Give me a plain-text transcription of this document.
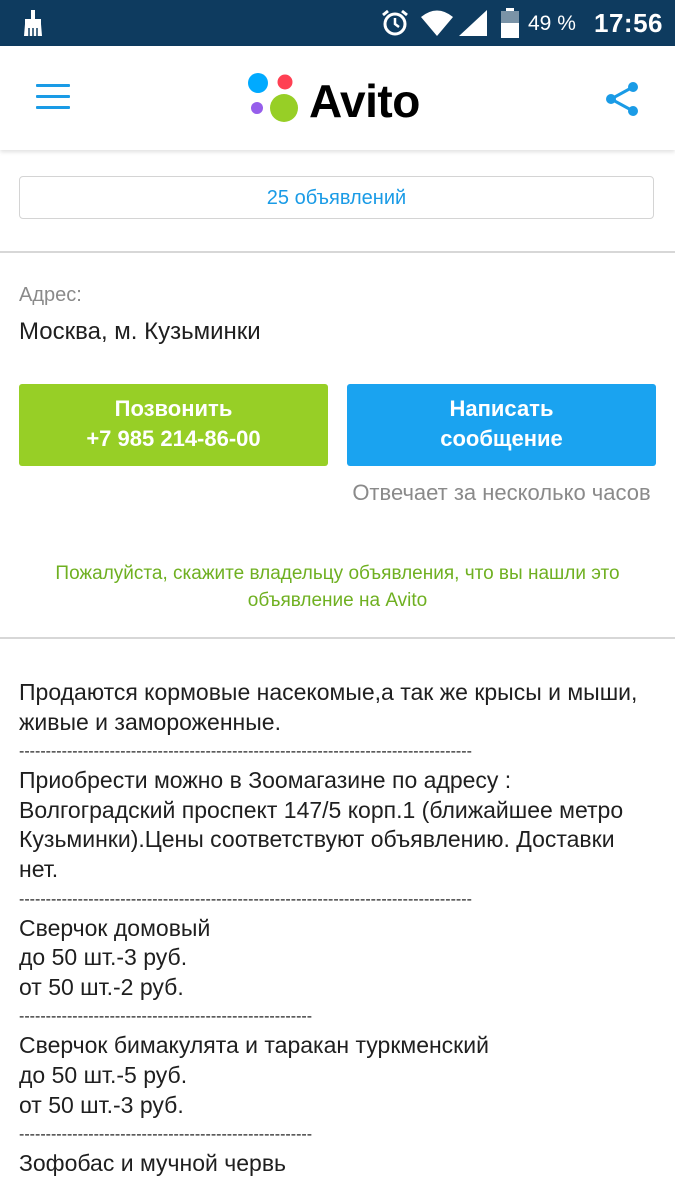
49 % 17:56
Avito
25 объявлений
Адрес:
Москва, м. Кузьминки
Позвонить
+7 985 214-86-00
Написать
сообщение
Отвечает за несколько часов
Пожалуйста, скажите владельцу объявления, что вы нашли это объявление на Avito

Продаются кормовые насекомые,а так же крысы и мыши,

живые и замороженные.

-------------------------------------------------------------------------------------

Приобрести можно в Зоомагазине по адресу : Волгоградский проспект 147/5 корп.1 (ближайшее метро Кузьминки).Цены соответствуют объявлению. Доставки нет.

-------------------------------------------------------------------------------------

Сверчок домовый

до 50 шт.-3 руб.

от 50 шт.-2 руб.

-------------------------------------------------------

Сверчок бимакулята и таракан туркменский

до 50 шт.-5 руб.

от 50 шт.-3 руб.

-------------------------------------------------------

Зофобас и мучной червь
